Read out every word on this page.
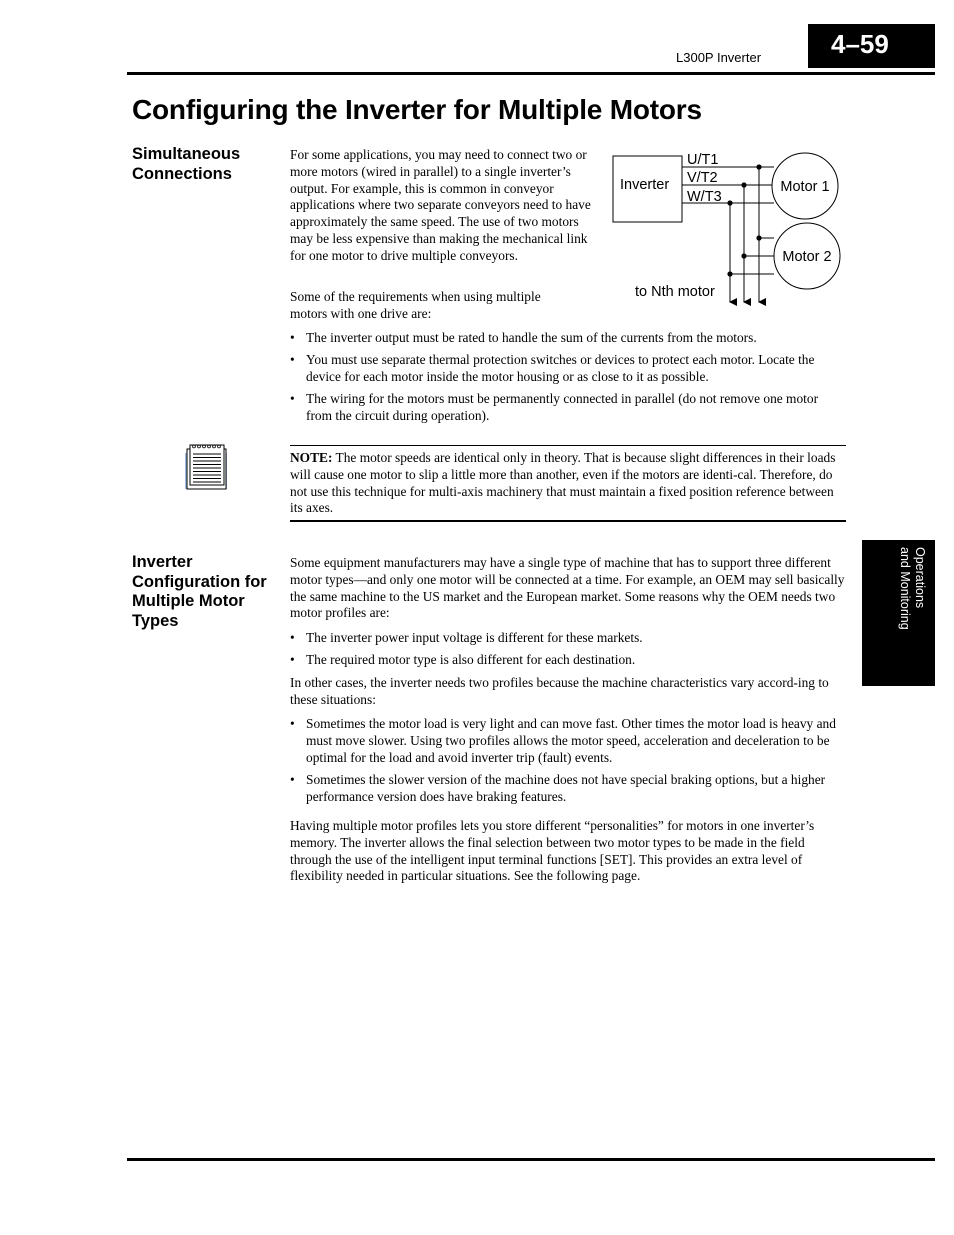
L300P Inverter	4–59
Configuring the Inverter for Multiple Motors
Simultaneous
Connections

For some applications, you may need to connect two or more motors (wired in parallel) to a single inverter’s output. For example, this is common in conveyor applications where two separate conveyors need to have approximately the same speed. The use of two motors may be less expensive than making the mechanical link for one motor to drive multiple conveyors.

Some of the requirements when using multiple motors with one drive are:

Inverter
U/T1
V/T2
W/T3
Motor 1
Motor 2
to Nth motor
• The inverter output must be rated to handle the sum of the currents from the motors.
• You must use separate thermal protection switches or devices to protect each motor. Locate the device for each motor inside the motor housing or as close to it as possible.
• The wiring for the motors must be permanently connected in parallel (do not remove one motor from the circuit during operation).

NOTE: The motor speeds are identical only in theory. That is because slight differences in their loads will cause one motor to slip a little more than another, even if the motors are identi-cal. Therefore, do not use this technique for multi-axis machinery that must maintain a fixed position reference between its axes.

Operations
and Monitoring
Inverter
Configuration for
Multiple Motor
Types

Some equipment manufacturers may have a single type of machine that has to support three different motor types—and only one motor will be connected at a time. For example, an OEM may sell basically the same machine to the US market and the European market. Some reasons why the OEM needs two motor profiles are:

• The inverter power input voltage is different for these markets.
• The required motor type is also different for each destination.

In other cases, the inverter needs two profiles because the machine characteristics vary accord-ing to these situations:

• Sometimes the motor load is very light and can move fast. Other times the motor load is heavy and must move slower. Using two profiles allows the motor speed, acceleration and deceleration to be optimal for the load and avoid inverter trip (fault) events.
• Sometimes the slower version of the machine does not have special braking options, but a higher performance version does have braking features.

Having multiple motor profiles lets you store different “personalities” for motors in one inverter’s memory. The inverter allows the final selection between two motor types to be made in the field through the use of the intelligent input terminal functions [SET]. This provides an extra level of flexibility needed in particular situations. See the following page.
